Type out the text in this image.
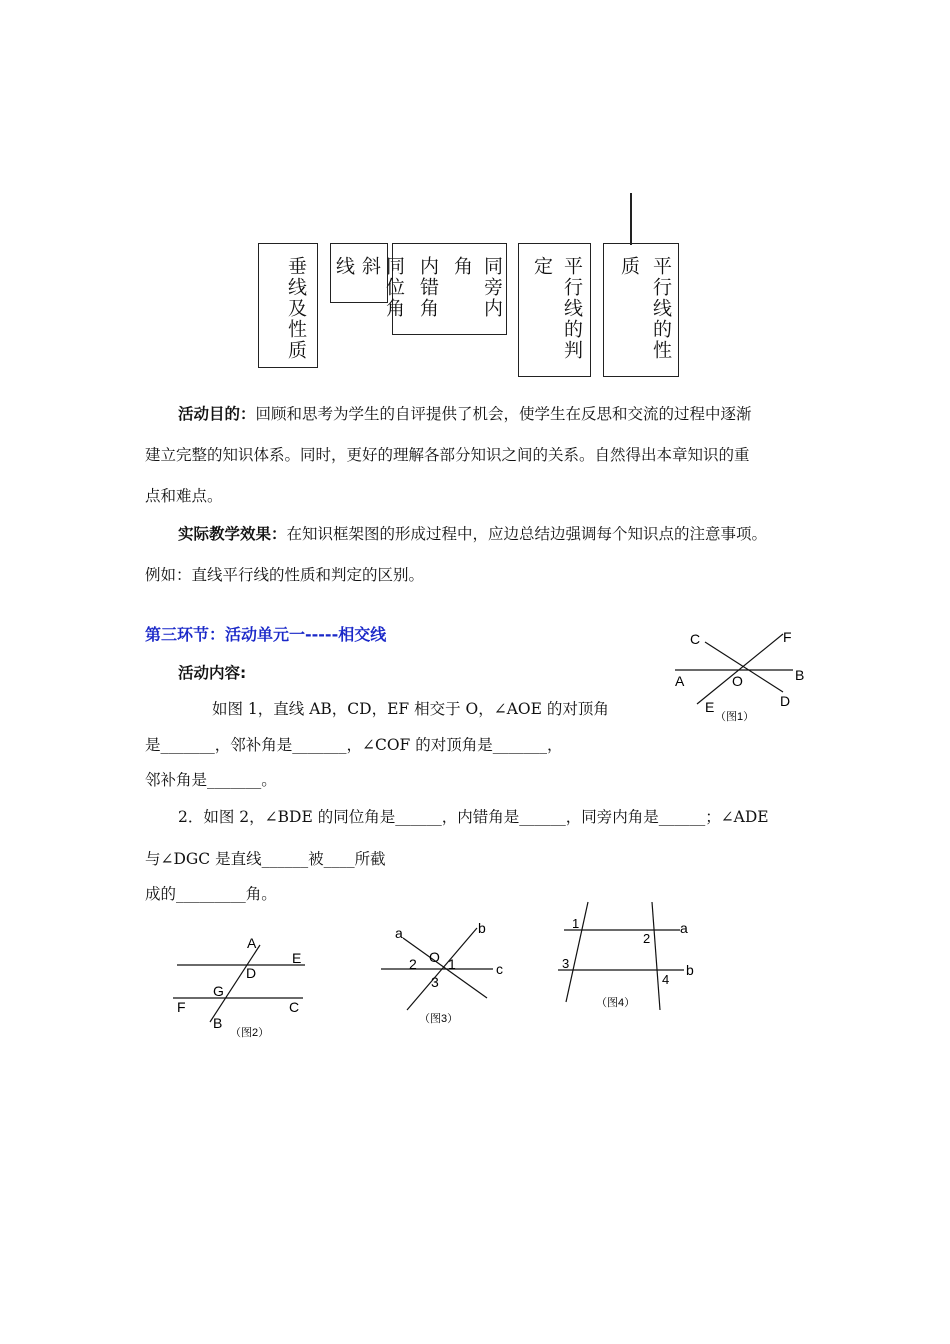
垂线及性质	斜
线	同旁内
角
内错角
同位角	平行线的判
定	平行线的性
质
活动目的：回顾和思考为学生的自评提供了机会，使学生在反思和交流的过程中逐渐
建立完整的知识体系。同时，更好的理解各部分知识之间的关系。自然得出本章知识的重
点和难点。
实际教学效果：在知识框架图的形成过程中，应边总结边强调每个知识点的注意事项。
例如：直线平行线的性质和判定的区别。
第三环节：活动单元一-----相交线
活动内容:
如图 1，直线 AB，CD，EF 相交于 O，∠AOE 的对顶角
是_______，邻补角是_______，∠COF 的对顶角是_______，
邻补角是_______。
2．如图 2，∠BDE 的同位角是______，内错角是______，同旁内角是______；∠ADE
与∠DGC 是直线______被____所截
成的_________角。
C	F
A	O	B
E	D
（图1）
A
E
D
G
F	C
B
（图2）
a	b
O
2 1	c
3
（图3）
1
2
a
3	b
4
（图4）
